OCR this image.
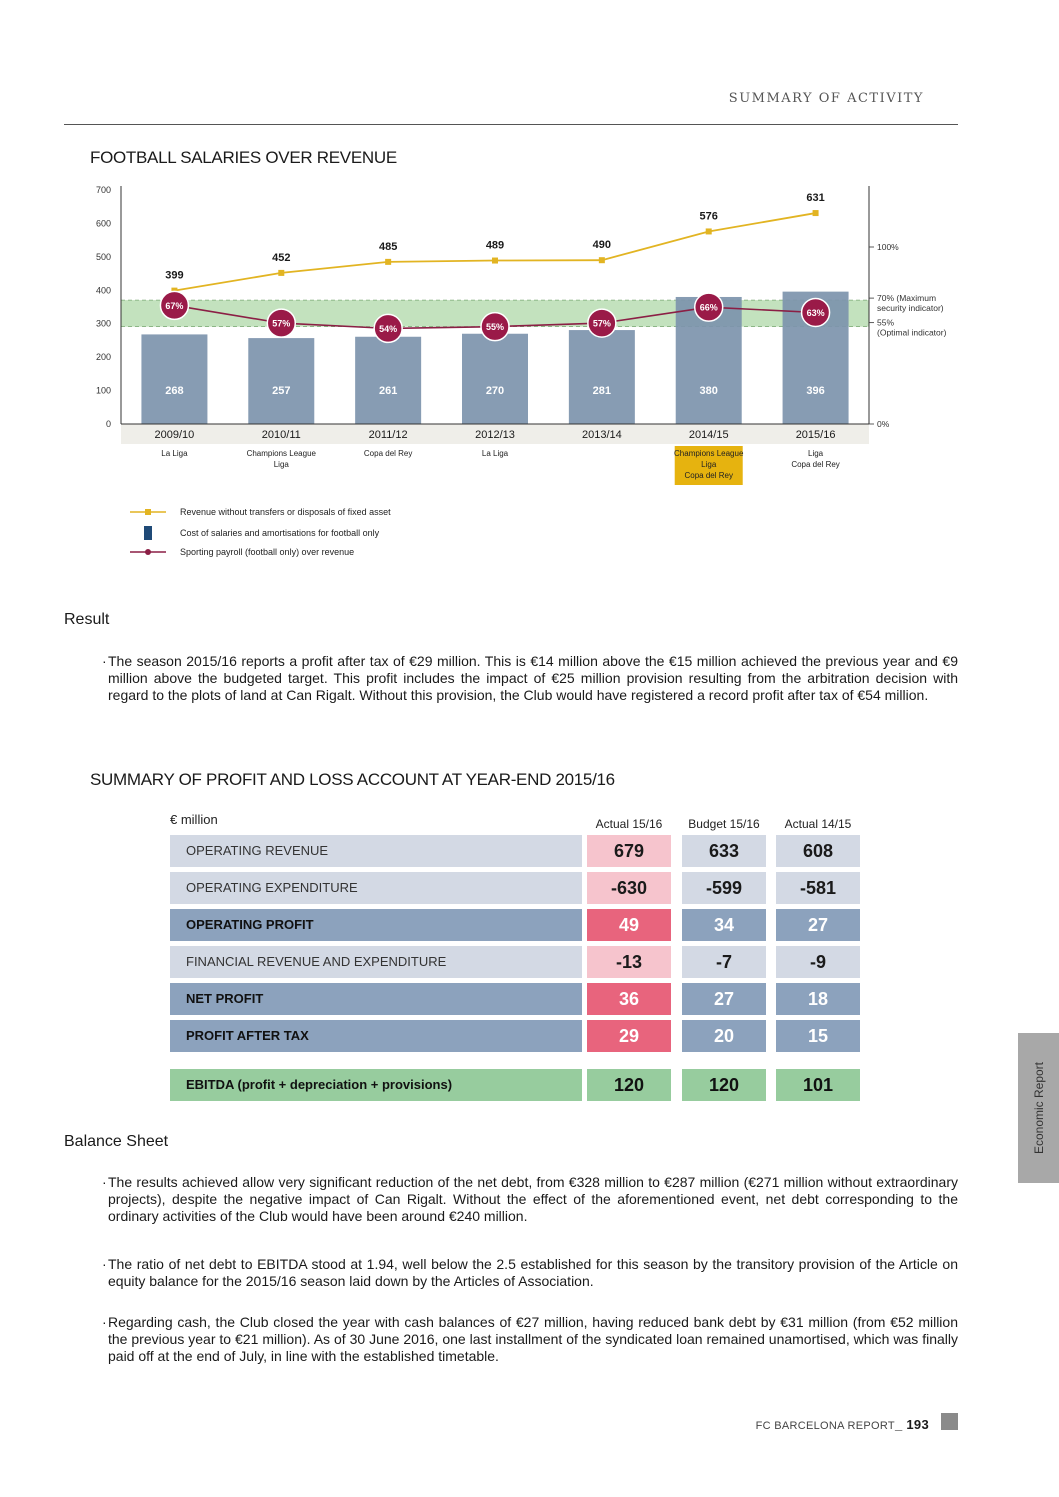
SUMMARY OF ACTIVITY
FOOTBALL SALARIES OVER REVENUE
268	257	261	270	281	380	396
0
100
200
300
400
500
600
700
100%
70% (Maximum
security indicator)
55%
(Optimal indicator)
0%
2009/10	2010/11	2011/12	2012/13	2013/14	2014/15	2015/16
La Liga	Champions League
Liga
Copa del Rey	La Liga	Champions League
Liga
Copa del Rey
Liga
Copa del Rey
399
452
485	489	490
576
631
67%
57%
54%	55%	57%
66%
63%
Revenue without transfers or disposals of fixed asset
Cost of salaries and amortisations for football only
Sporting payroll (football only) over revenue
Result
· The season 2015/16 reports a profit after tax of €29 million. This is €14 million above the €15 million achieved the previous year and €9 million above the budgeted target. This profit includes the impact of €25 million provision resulting from the arbitration decision with regard to the plots of land at Can Rigalt. Without this provision, the Club would have registered a record profit after tax of €54 million.
SUMMARY OF PROFIT AND LOSS ACCOUNT AT YEAR-END 2015/16
€ million	Actual 15/16	Budget 15/16	Actual 14/15
OPERATING REVENUE	679	633	608
OPERATING EXPENDITURE	-630	-599	-581
OPERATING PROFIT	49	34	27
FINANCIAL REVENUE AND EXPENDITURE	-13	-7	-9
NET PROFIT	36	27	18
PROFIT AFTER TAX	29	20	15
EBITDA (profit + depreciation + provisions)	120	120	101
Balance Sheet
· The results achieved allow very significant reduction of the net debt, from €328 million to €287 million (€271 million without extraordinary projects), despite the negative impact of Can Rigalt. Without the effect of the aforementioned event, net debt corresponding to the ordinary activities of the Club would have been around €240 million.
· The ratio of net debt to EBITDA stood at 1.94, well below the 2.5 established for this season by the transitory provision of the Article on equity balance for the 2015/16 season laid down by the Articles of Association.
· Regarding cash, the Club closed the year with cash balances of €27 million, having reduced bank debt by €31 million (from €52 million the previous year to €21 million). As of 30 June 2016, one last installment of the syndicated loan remained unamortised, which was finally paid off at the end of July, in line with the established timetable.
Economic Report
FC BARCELONA REPORT_ 193
